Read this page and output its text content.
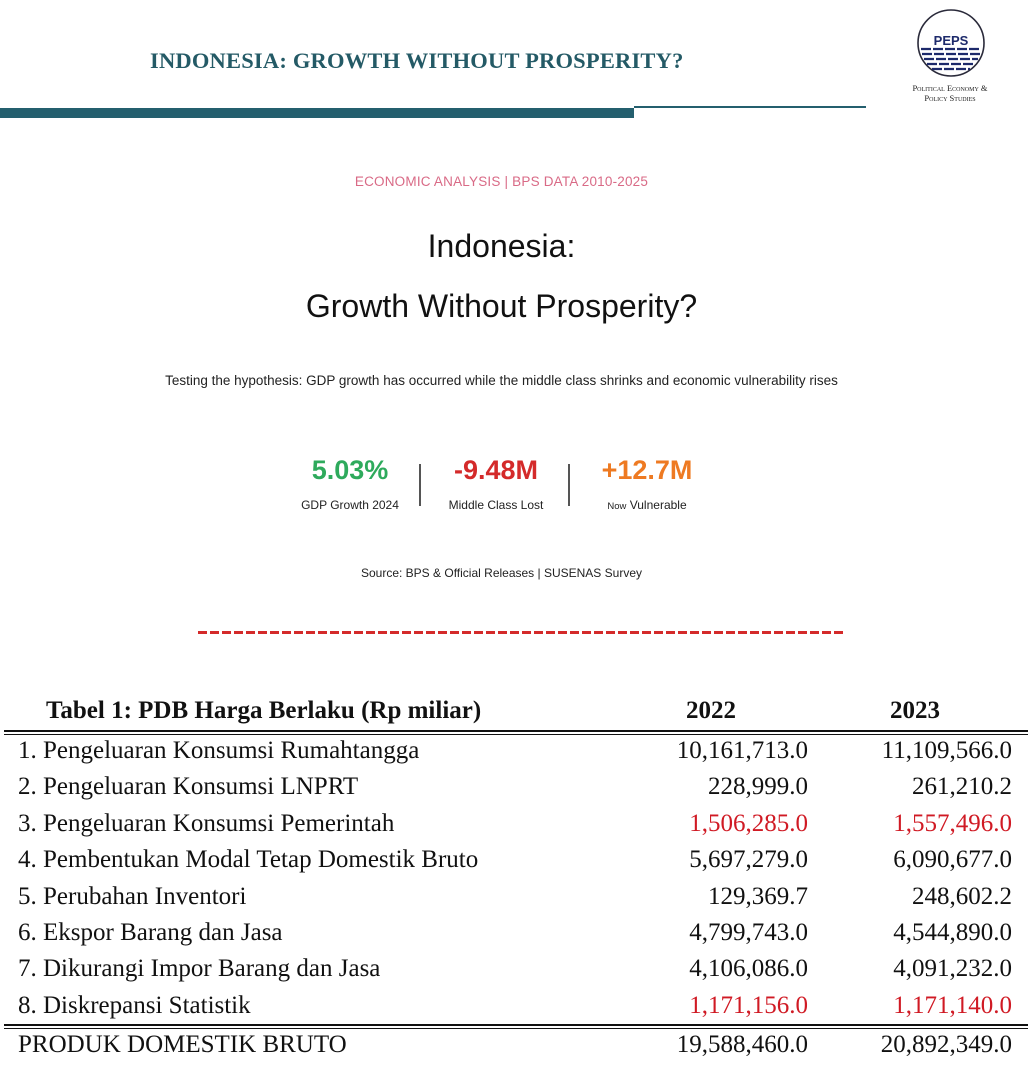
INDONESIA: GROWTH WITHOUT PROSPERITY?
PEPS
Political Economy &
Policy Studies
ECONOMIC ANALYSIS | BPS DATA 2010-2025
Indonesia:
Growth Without Prosperity?
Testing the hypothesis: GDP growth has occurred while the middle class shrinks and economic vulnerability rises
5.03%
GDP Growth 2024
-9.48M
Middle Class Lost
+12.7M
Now Vulnerable
Source: BPS & Official Releases | SUSENAS Survey
Tabel 1: PDB Harga Berlaku (Rp miliar)	2022	2023
1. Pengeluaran Konsumsi Rumahtangga	10,161,713.0	11,109,566.0
2. Pengeluaran Konsumsi LNPRT	228,999.0	261,210.2
3. Pengeluaran Konsumsi Pemerintah	1,506,285.0	1,557,496.0
4. Pembentukan Modal Tetap Domestik Bruto	5,697,279.0	6,090,677.0
5. Perubahan Inventori	129,369.7	248,602.2
6. Ekspor Barang dan Jasa	4,799,743.0	4,544,890.0
7. Dikurangi Impor Barang dan Jasa	4,106,086.0	4,091,232.0
8. Diskrepansi Statistik	1,171,156.0	1,171,140.0
PRODUK DOMESTIK BRUTO	19,588,460.0	20,892,349.0
